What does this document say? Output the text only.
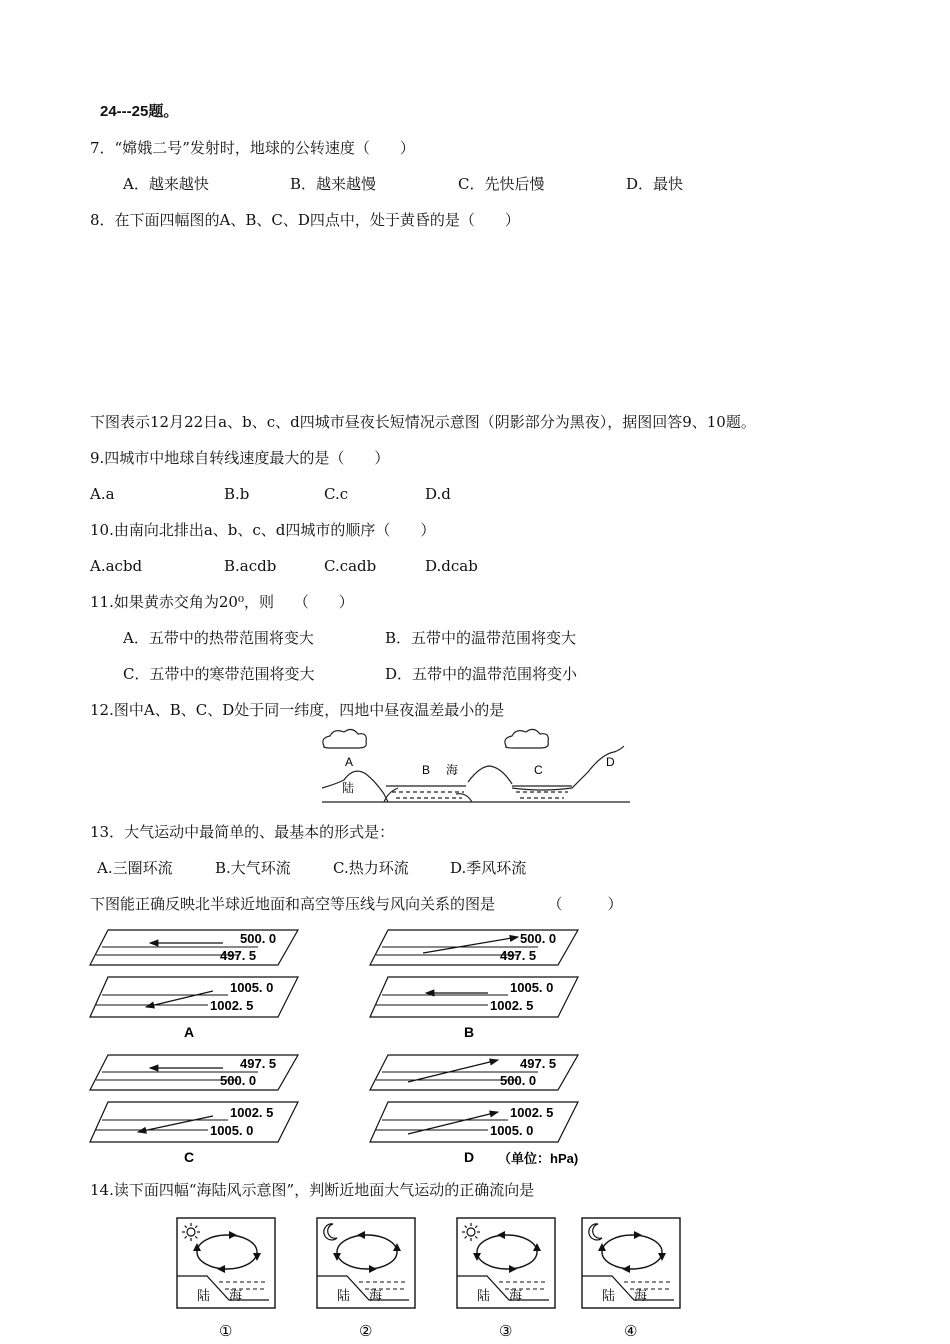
24---25题。
7．“嫦娥二号”发射时，地球的公转速度（　　）
A．越来越快	B．越来越慢	C．先快后慢	D．最快
8．在下面四幅图的A、B、C、D四点中，处于黄昏的是（　　）
下图表示12月22日a、b、c、d四城市昼夜长短情况示意图（阴影部分为黑夜），据图回答9、10题。
9.四城市中地球自转线速度最大的是（　　）
A.a	B.b	C.c	D.d
10.由南向北排出a、b、c、d四城市的顺序（　　）
A.acbd	B.acdb	C.cadb	D.dcab
11.如果黄赤交角为20⁰，则　 （　　）
A．五带中的热带范围将变大	B．五带中的温带范围将变大
C．五带中的寒带范围将变大	D．五带中的温带范围将变小
12.图中A、B、C、D处于同一纬度，四地中昼夜温差最小的是
A
B 海	C
D
陆
13．大气运动中最简单的、最基本的形式是：
A.三圈环流	B.大气环流	C.热力环流	D.季风环流
下图能正确反映北半球近地面和高空等压线与风向关系的图是　　　　（　　　）
500. 0
497. 5
1005. 0
1002. 5
A
500. 0
497. 5
1005. 0
1002. 5
B
497. 5
500. 0
1002. 5
1005. 0
C
497. 5
500. 0
1002. 5
1005. 0
D （单位：hPa)
14.读下面四幅“海陆风示意图”，判断近地面大气运动的正确流向是
陆 海
①
陆 海
②
陆 海
③
陆 海
④
